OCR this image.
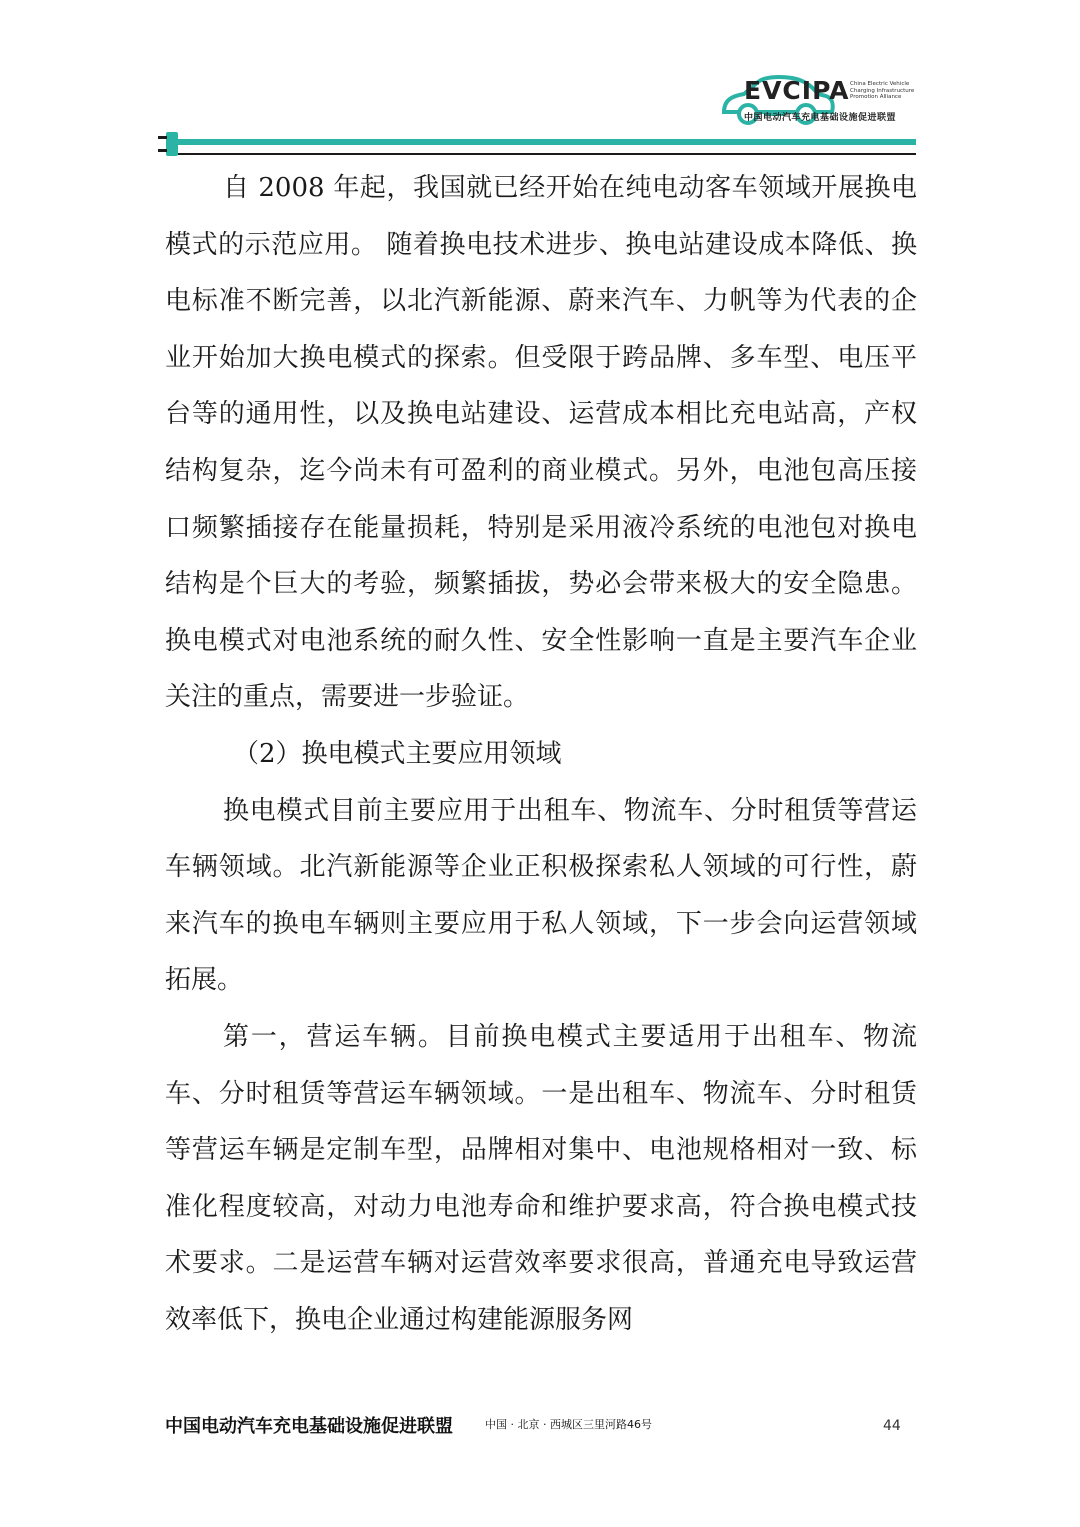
EVCIPA China Electric Vehicle Charging Infrastructure Promotion Alliance
中国电动汽车充电基础设施促进联盟

自 2008 年起，我国就已经开始在纯电动客车领域开展换电模式的示范应用。 随着换电技术进步、换电站建设成本降低、换电标准不断完善，以北汽新能源、蔚来汽车、力帆等为代表的企业开始加大换电模式的探索。但受限于跨品牌、多车型、电压平台等的通用性，以及换电站建设、运营成本相比充电站高，产权结构复杂，迄今尚未有可盈利的商业模式。另外，电池包高压接口频繁插接存在能量损耗，特别是采用液冷系统的电池包对换电结构是个巨大的考验，频繁插拔，势必会带来极大的安全隐患。换电模式对电池系统的耐久性、安全性影响一直是主要汽车企业关注的重点，需要进一步验证。

（2）换电模式主要应用领域

换电模式目前主要应用于出租车、物流车、分时租赁等营运车辆领域。北汽新能源等企业正积极探索私人领域的可行性，蔚来汽车的换电车辆则主要应用于私人领域，下一步会向运营领域拓展。

第一，营运车辆。目前换电模式主要适用于出租车、物流车、分时租赁等营运车辆领域。一是出租车、物流车、分时租赁等营运车辆是定制车型，品牌相对集中、电池规格相对一致、标准化程度较高，对动力电池寿命和维护要求高，符合换电模式技术要求。二是运营车辆对运营效率要求很高，普通充电导致运营效率低下，换电企业通过构建能源服务网

中国电动汽车充电基础设施促进联盟	中国 · 北京 · 西城区三里河路46号	44
